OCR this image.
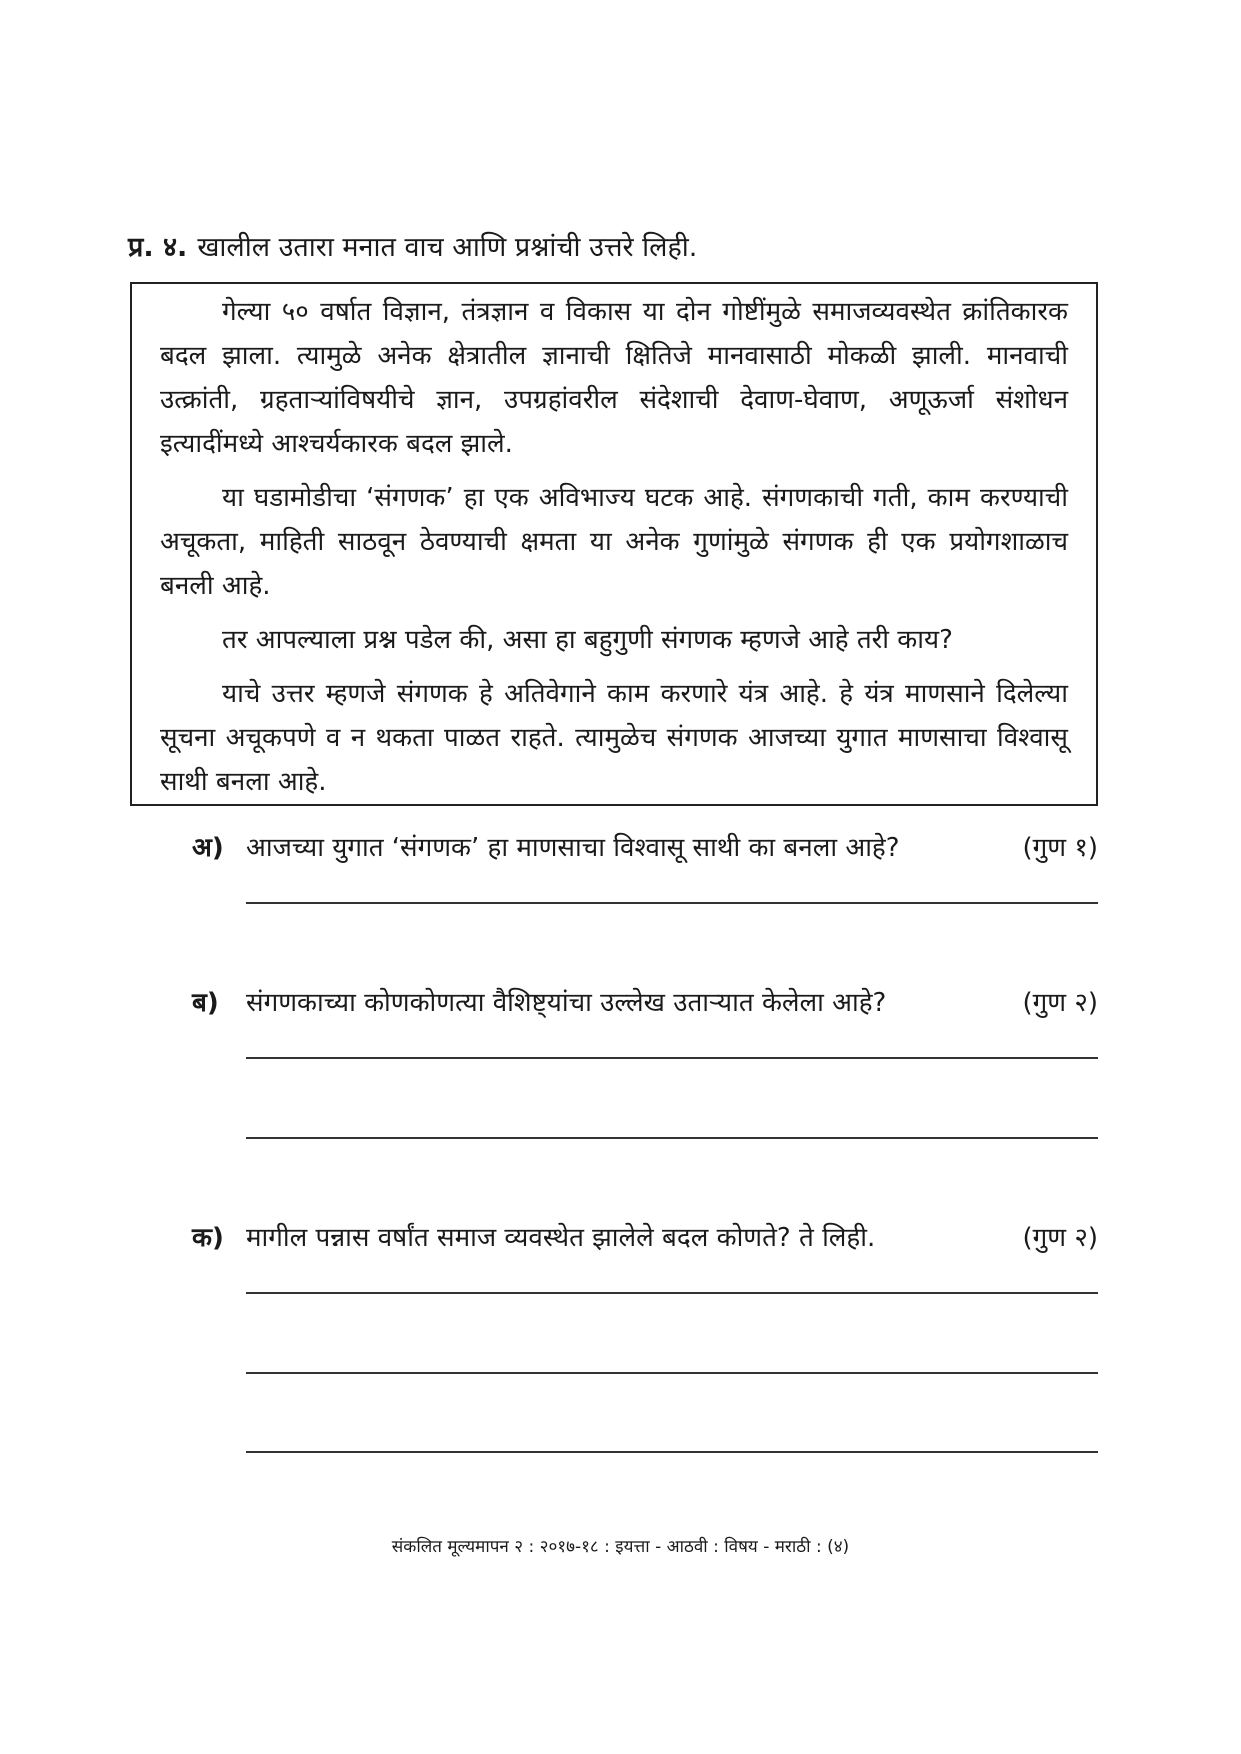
प्र. ४. खालील उतारा मनात वाच आणि प्रश्नांची उत्तरे लिही.

गेल्या ५० वर्षात विज्ञान, तंत्रज्ञान व विकास या दोन गोष्टींमुळे समाजव्यवस्थेत क्रांतिकारक बदल झाला. त्यामुळे अनेक क्षेत्रातील ज्ञानाची क्षितिजे मानवासाठी मोकळी झाली. मानवाची उत्क्रांती, ग्रहताऱ्यांविषयीचे ज्ञान, उपग्रहांवरील संदेशाची देवाण-घेवाण, अणूऊर्जा संशोधन इत्यादींमध्ये आश्चर्यकारक बदल झाले.

या घडामोडीचा ‘संगणक’ हा एक अविभाज्य घटक आहे. संगणकाची गती, काम करण्याची अचूकता, माहिती साठवून ठेवण्याची क्षमता या अनेक गुणांमुळे संगणक ही एक प्रयोगशाळाच बनली आहे.

तर आपल्याला प्रश्न पडेल की, असा हा बहुगुणी संगणक म्हणजे आहे तरी काय?

याचे उत्तर म्हणजे संगणक हे अतिवेगाने काम करणारे यंत्र आहे. हे यंत्र माणसाने दिलेल्या सूचना अचूकपणे व न थकता पाळत राहते. त्यामुळेच संगणक आजच्या युगात माणसाचा विश्वासू साथी बनला आहे.

अ) आजच्या युगात ‘संगणक’ हा माणसाचा विश्वासू साथी का बनला आहे?	(गुण १)
ब) संगणकाच्या कोणकोणत्या वैशिष्ट्यांचा उल्लेख उताऱ्यात केलेला आहे?	(गुण २)
क) मागील पन्नास वर्षांत समाज व्यवस्थेत झालेले बदल कोणते? ते लिही.	(गुण २)
संकलित मूल्यमापन २ : २०१७-१८ : इयत्ता - आठवी : विषय - मराठी : (४)
